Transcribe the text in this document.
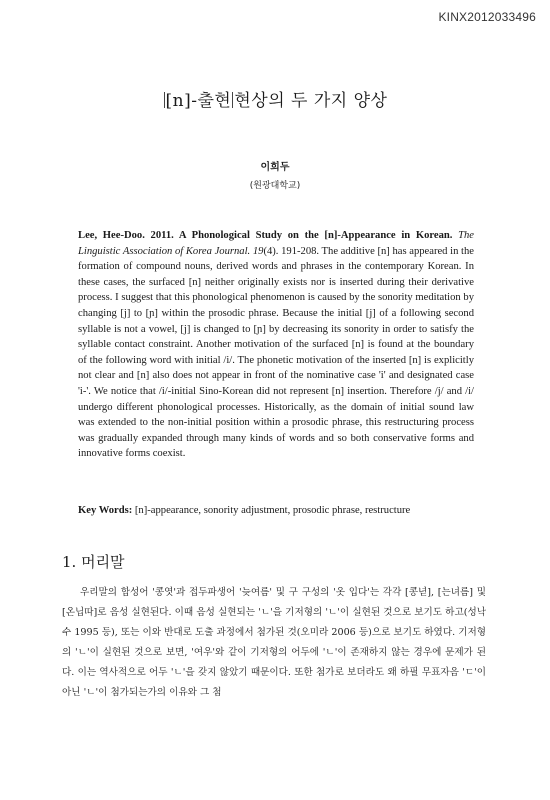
KINX2012033496
[n]-출현 현상의 두 가지 양상
이희두
(원광대학교)
Lee, Hee-Doo. 2011. A Phonological Study on the [n]-Appearance in Korean. The Linguistic Association of Korea Journal. 19(4). 191-208. The additive [n] has appeared in the formation of compound nouns, derived words and phrases in the contemporary Korean. In these cases, the surfaced [n] neither originally exists nor is inserted during their derivative process. I suggest that this phonological phenomenon is caused by the sonority meditation by changing [j] to [ɲ] within the prosodic phrase. Because the initial [j] of a following second syllable is not a vowel, [j] is changed to [ɲ] by decreasing its sonority in order to satisfy the syllable contact constraint. Another motivation of the surfaced [n] is found at the boundary of the following word with initial /i/. The phonetic motivation of the inserted [n] is explicitly not clear and [n] also does not appear in front of the nominative case 'i' and designated case 'i-'. We notice that /i/-initial Sino-Korean did not represent [n] insertion. Therefore /j/ and /i/ undergo different phonological processes. Historically, as the domain of initial sound law was extended to the non-initial position within a prosodic phrase, this restructuring process was gradually expanded through many kinds of words and so both conservative forms and innovative forms coexist.
Key Words: [n]-appearance, sonority adjustment, prosodic phrase, restructure
1. 머리말
우리말의 합성어 '콩엿'과 접두파생어 '늦여름' 및 구 구성의 '옷 입다'는 각각 [콩녇], [는녀름] 및 [온닙따]로 음성 실현된다. 이때 음성 실현되는 'ㄴ'을 기저형의 'ㄴ'이 실현된 것으로 보기도 하고(성낙수 1995 등), 또는 이와 반대로 도출 과정에서 첨가된 것(오미라 2006 등)으로 보기도 하였다. 기저형의 'ㄴ'이 실현된 것으로 보면, '여우'와 같이 기저형의 어두에 'ㄴ'이 존재하지 않는 경우에 문제가 된다. 이는 역사적으로 어두 'ㄴ'을 갖지 않았기 때문이다. 또한 첨가로 보더라도 왜 하필 무표자음 'ㄷ'이 아닌 'ㄴ'이 첨가되는가의 이유와 그 첨
